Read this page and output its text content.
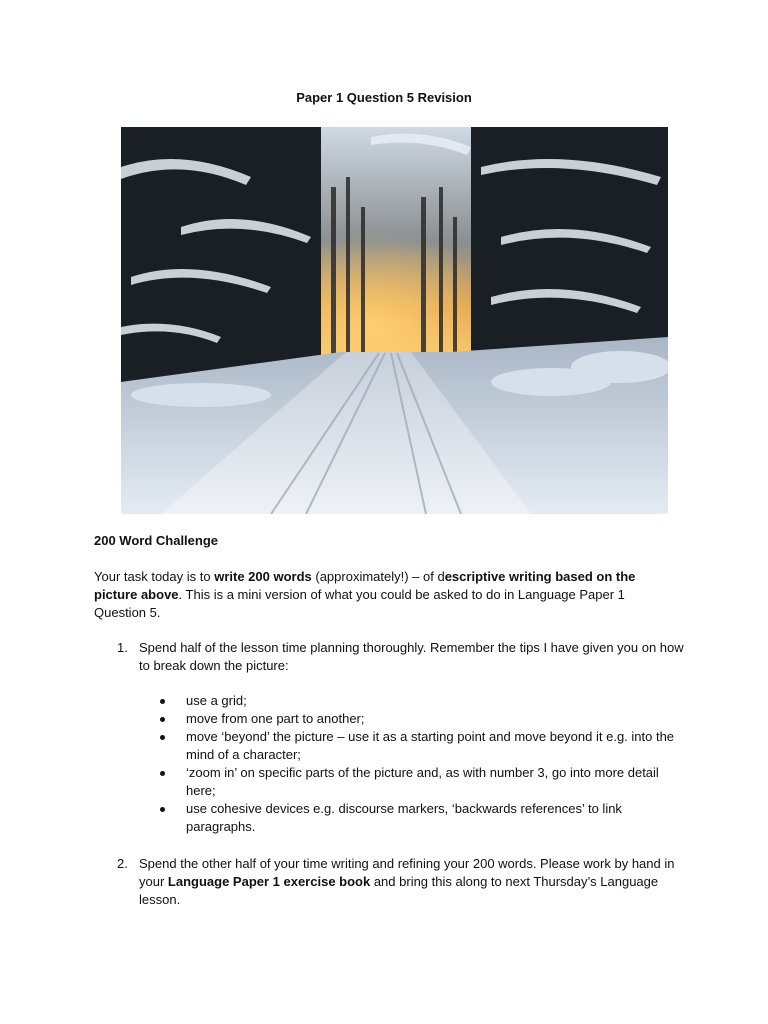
Paper 1 Question 5 Revision
200 Word Challenge
Your task today is to write 200 words (approximately!) – of descriptive writing based on the picture above. This is a mini version of what you could be asked to do in Language Paper 1 Question 5.
1. Spend half of the lesson time planning thoroughly. Remember the tips I have given you on how to break down the picture:
use a grid;
move from one part to another;
move ‘beyond’ the picture – use it as a starting point and move beyond it e.g. into the mind of a character;
‘zoom in’ on specific parts of the picture and, as with number 3, go into more detail here;
use cohesive devices e.g. discourse markers, ‘backwards references’ to link paragraphs.
2. Spend the other half of your time writing and refining your 200 words. Please work by hand in your Language Paper 1 exercise book and bring this along to next Thursday’s Language lesson.
